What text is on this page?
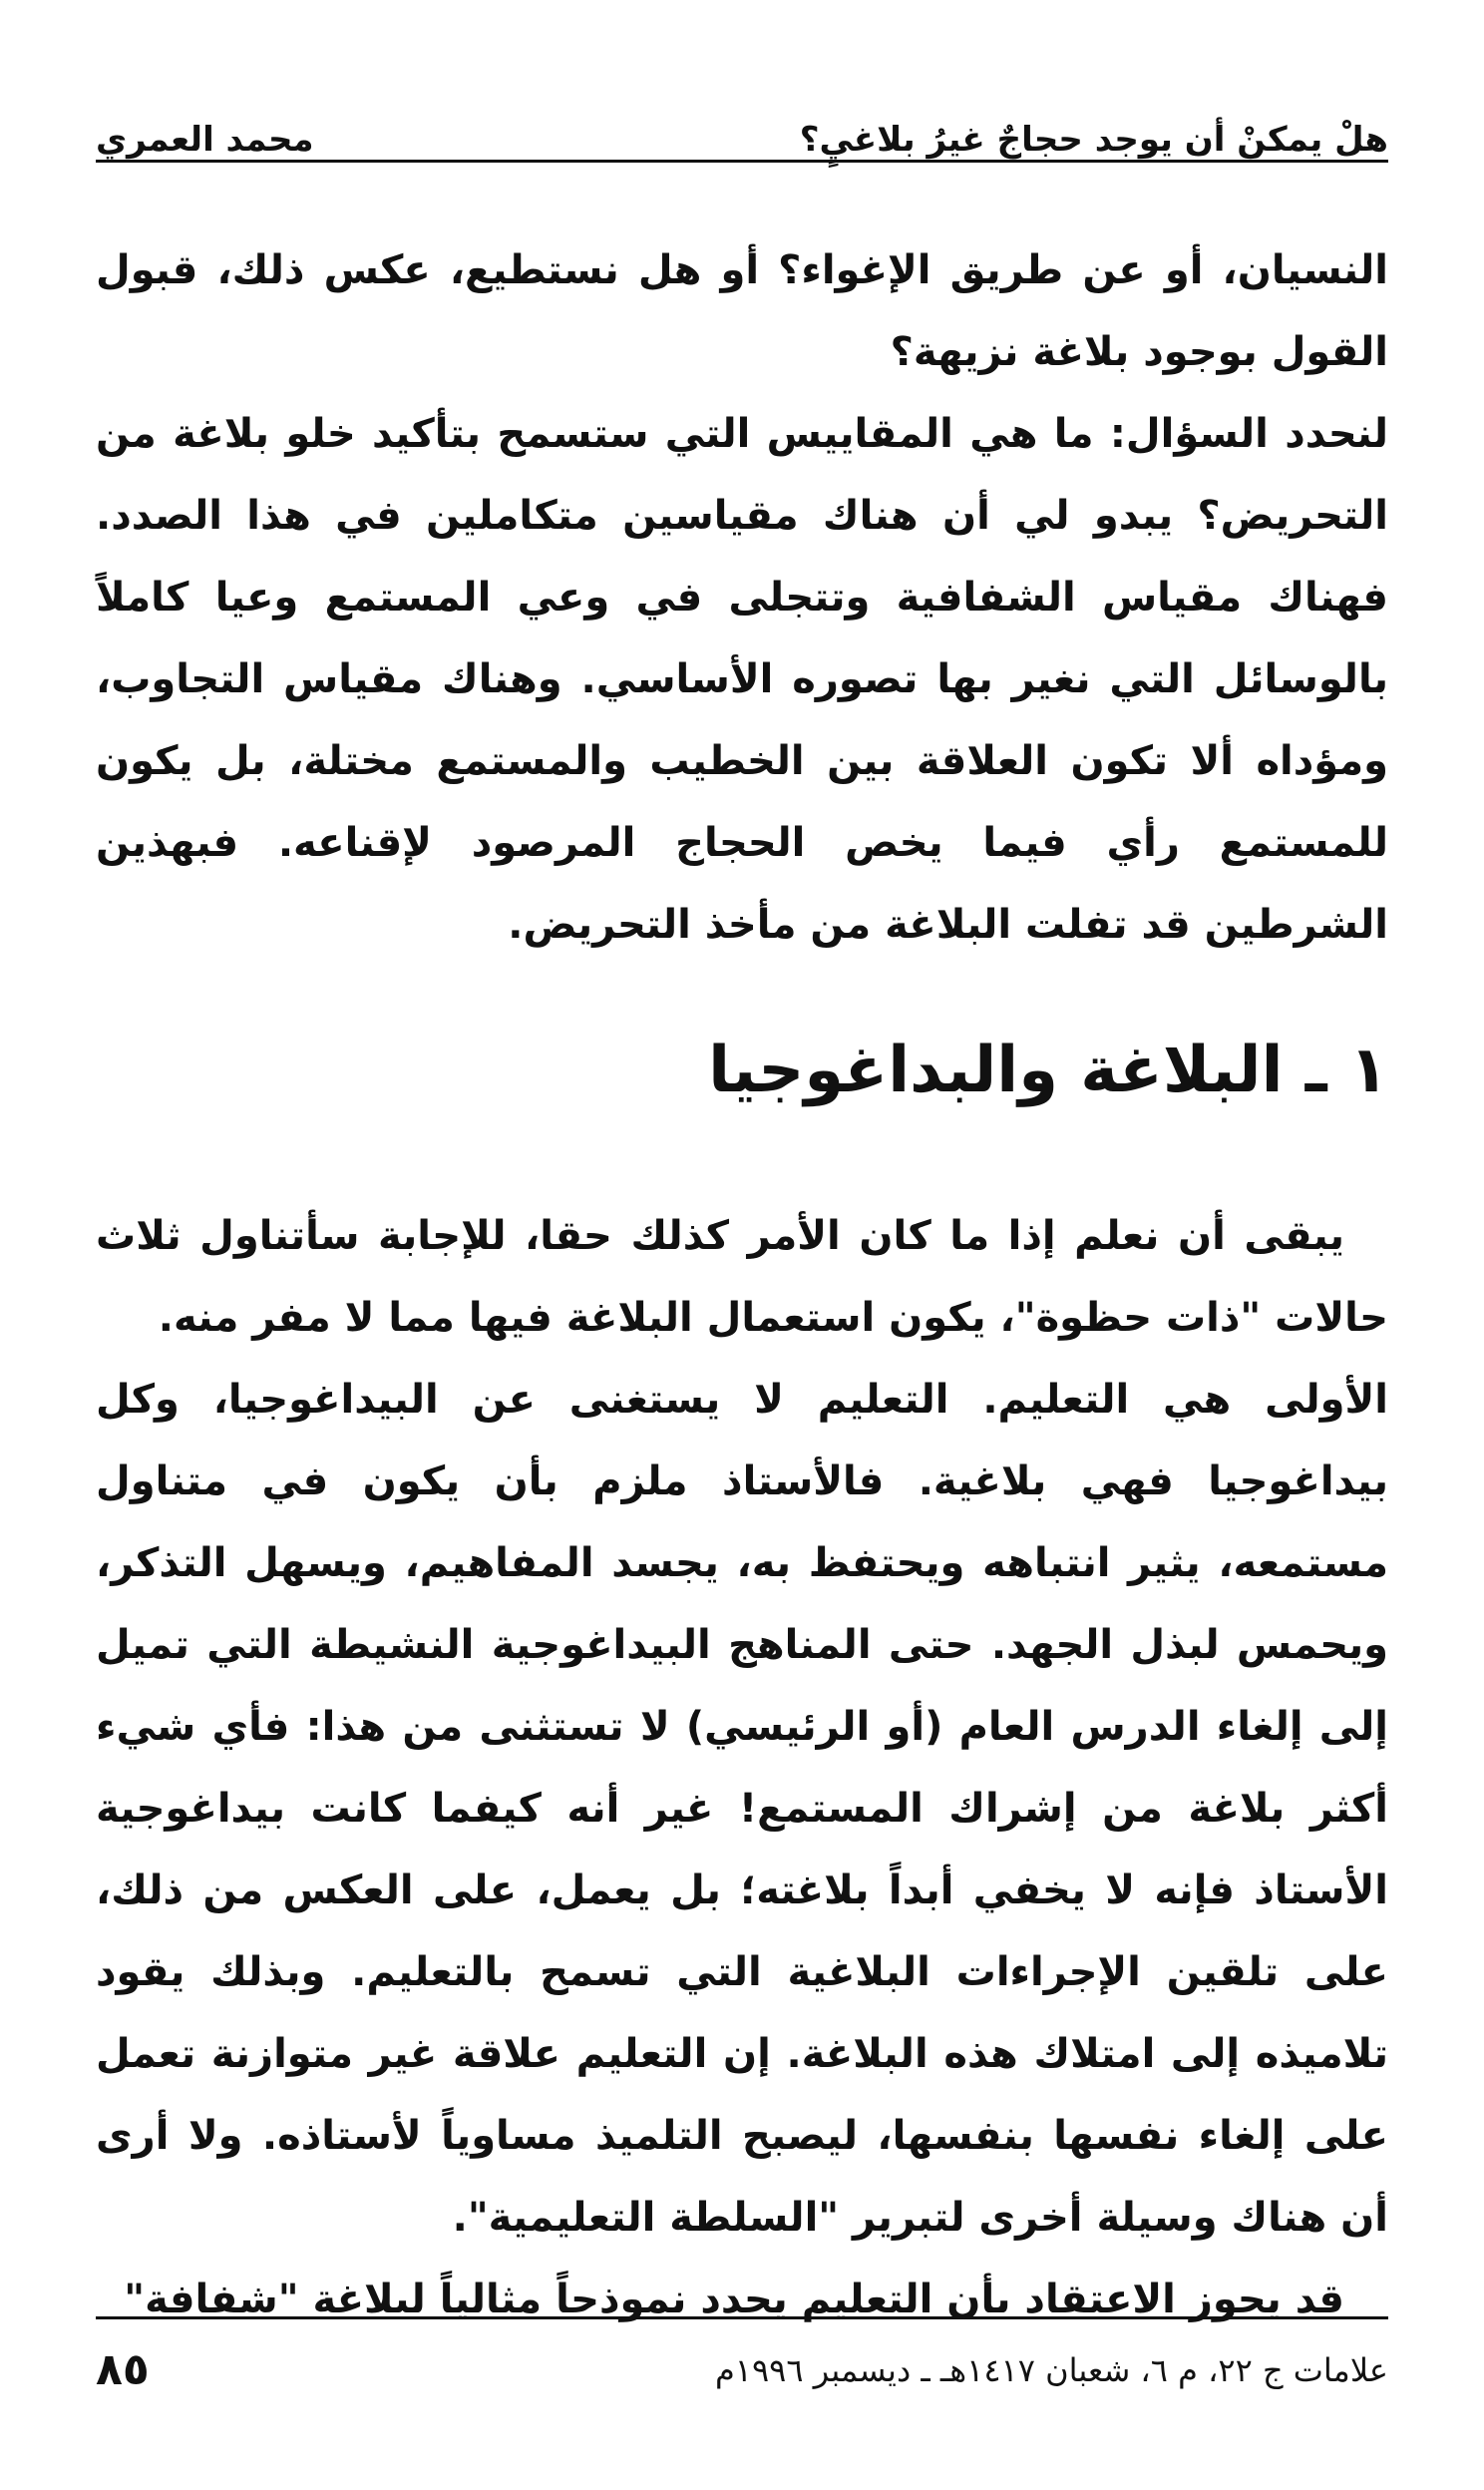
هلْ يمكنْ أن يوجد حجاجٌ غيرُ بلاغيٍ؟
محمد العمري

النسيان، أو عن طريق الإغواء؟ أو هل نستطيع، عكس ذلك، قبول القول بوجود بلاغة نزيهة؟

لنحدد السؤال: ما هي المقاييس التي ستسمح بتأكيد خلو بلاغة من التحريض؟ يبدو لي أن هناك مقياسين متكاملين في هذا الصدد. فهناك مقياس الشفافية وتتجلى في وعي المستمع وعيا كاملاً بالوسائل التي نغير بها تصوره الأساسي. وهناك مقياس التجاوب، ومؤداه ألا تكون العلاقة بين الخطيب والمستمع مختلة، بل يكون للمستمع رأي فيما يخص الحجاج المرصود لإقناعه. فبهذين الشرطين قد تفلت البلاغة من مأخذ التحريض.

١ ـ البلاغة والبداغوجيا

يبقى أن نعلم إذا ما كان الأمر كذلك حقا، للإجابة سأتناول ثلاث حالات "ذات حظوة"، يكون استعمال البلاغة فيها مما لا مفر منه.

الأولى هي التعليم. التعليم لا يستغنى عن البيداغوجيا، وكل بيداغوجيا فهي بلاغية. فالأستاذ ملزم بأن يكون في متناول مستمعه، يثير انتباهه ويحتفظ به، يجسد المفاهيم، ويسهل التذكر، ويحمس لبذل الجهد. حتى المناهج البيداغوجية النشيطة التي تميل إلى إلغاء الدرس العام (أو الرئيسي) لا تستثنى من هذا: فأي شيء أكثر بلاغة من إشراك المستمع! غير أنه كيفما كانت بيداغوجية الأستاذ فإنه لا يخفي أبداً بلاغته؛ بل يعمل، على العكس من ذلك، على تلقين الإجراءات البلاغية التي تسمح بالتعليم. وبذلك يقود تلاميذه إلى امتلاك هذه البلاغة. إن التعليم علاقة غير متوازنة تعمل على إلغاء نفسها بنفسها، ليصبح التلميذ مساوياً لأستاذه. ولا أرى أن هناك وسيلة أخرى لتبرير "السلطة التعليمية".

قد يجوز الاعتقاد بأن التعليم يحدد نموذجاً مثالياً لبلاغة "شفافة"

علامات ج ٢٢، م ٦، شعبان ١٤١٧هـ ـ ديسمبر ١٩٩٦م
٨٥
